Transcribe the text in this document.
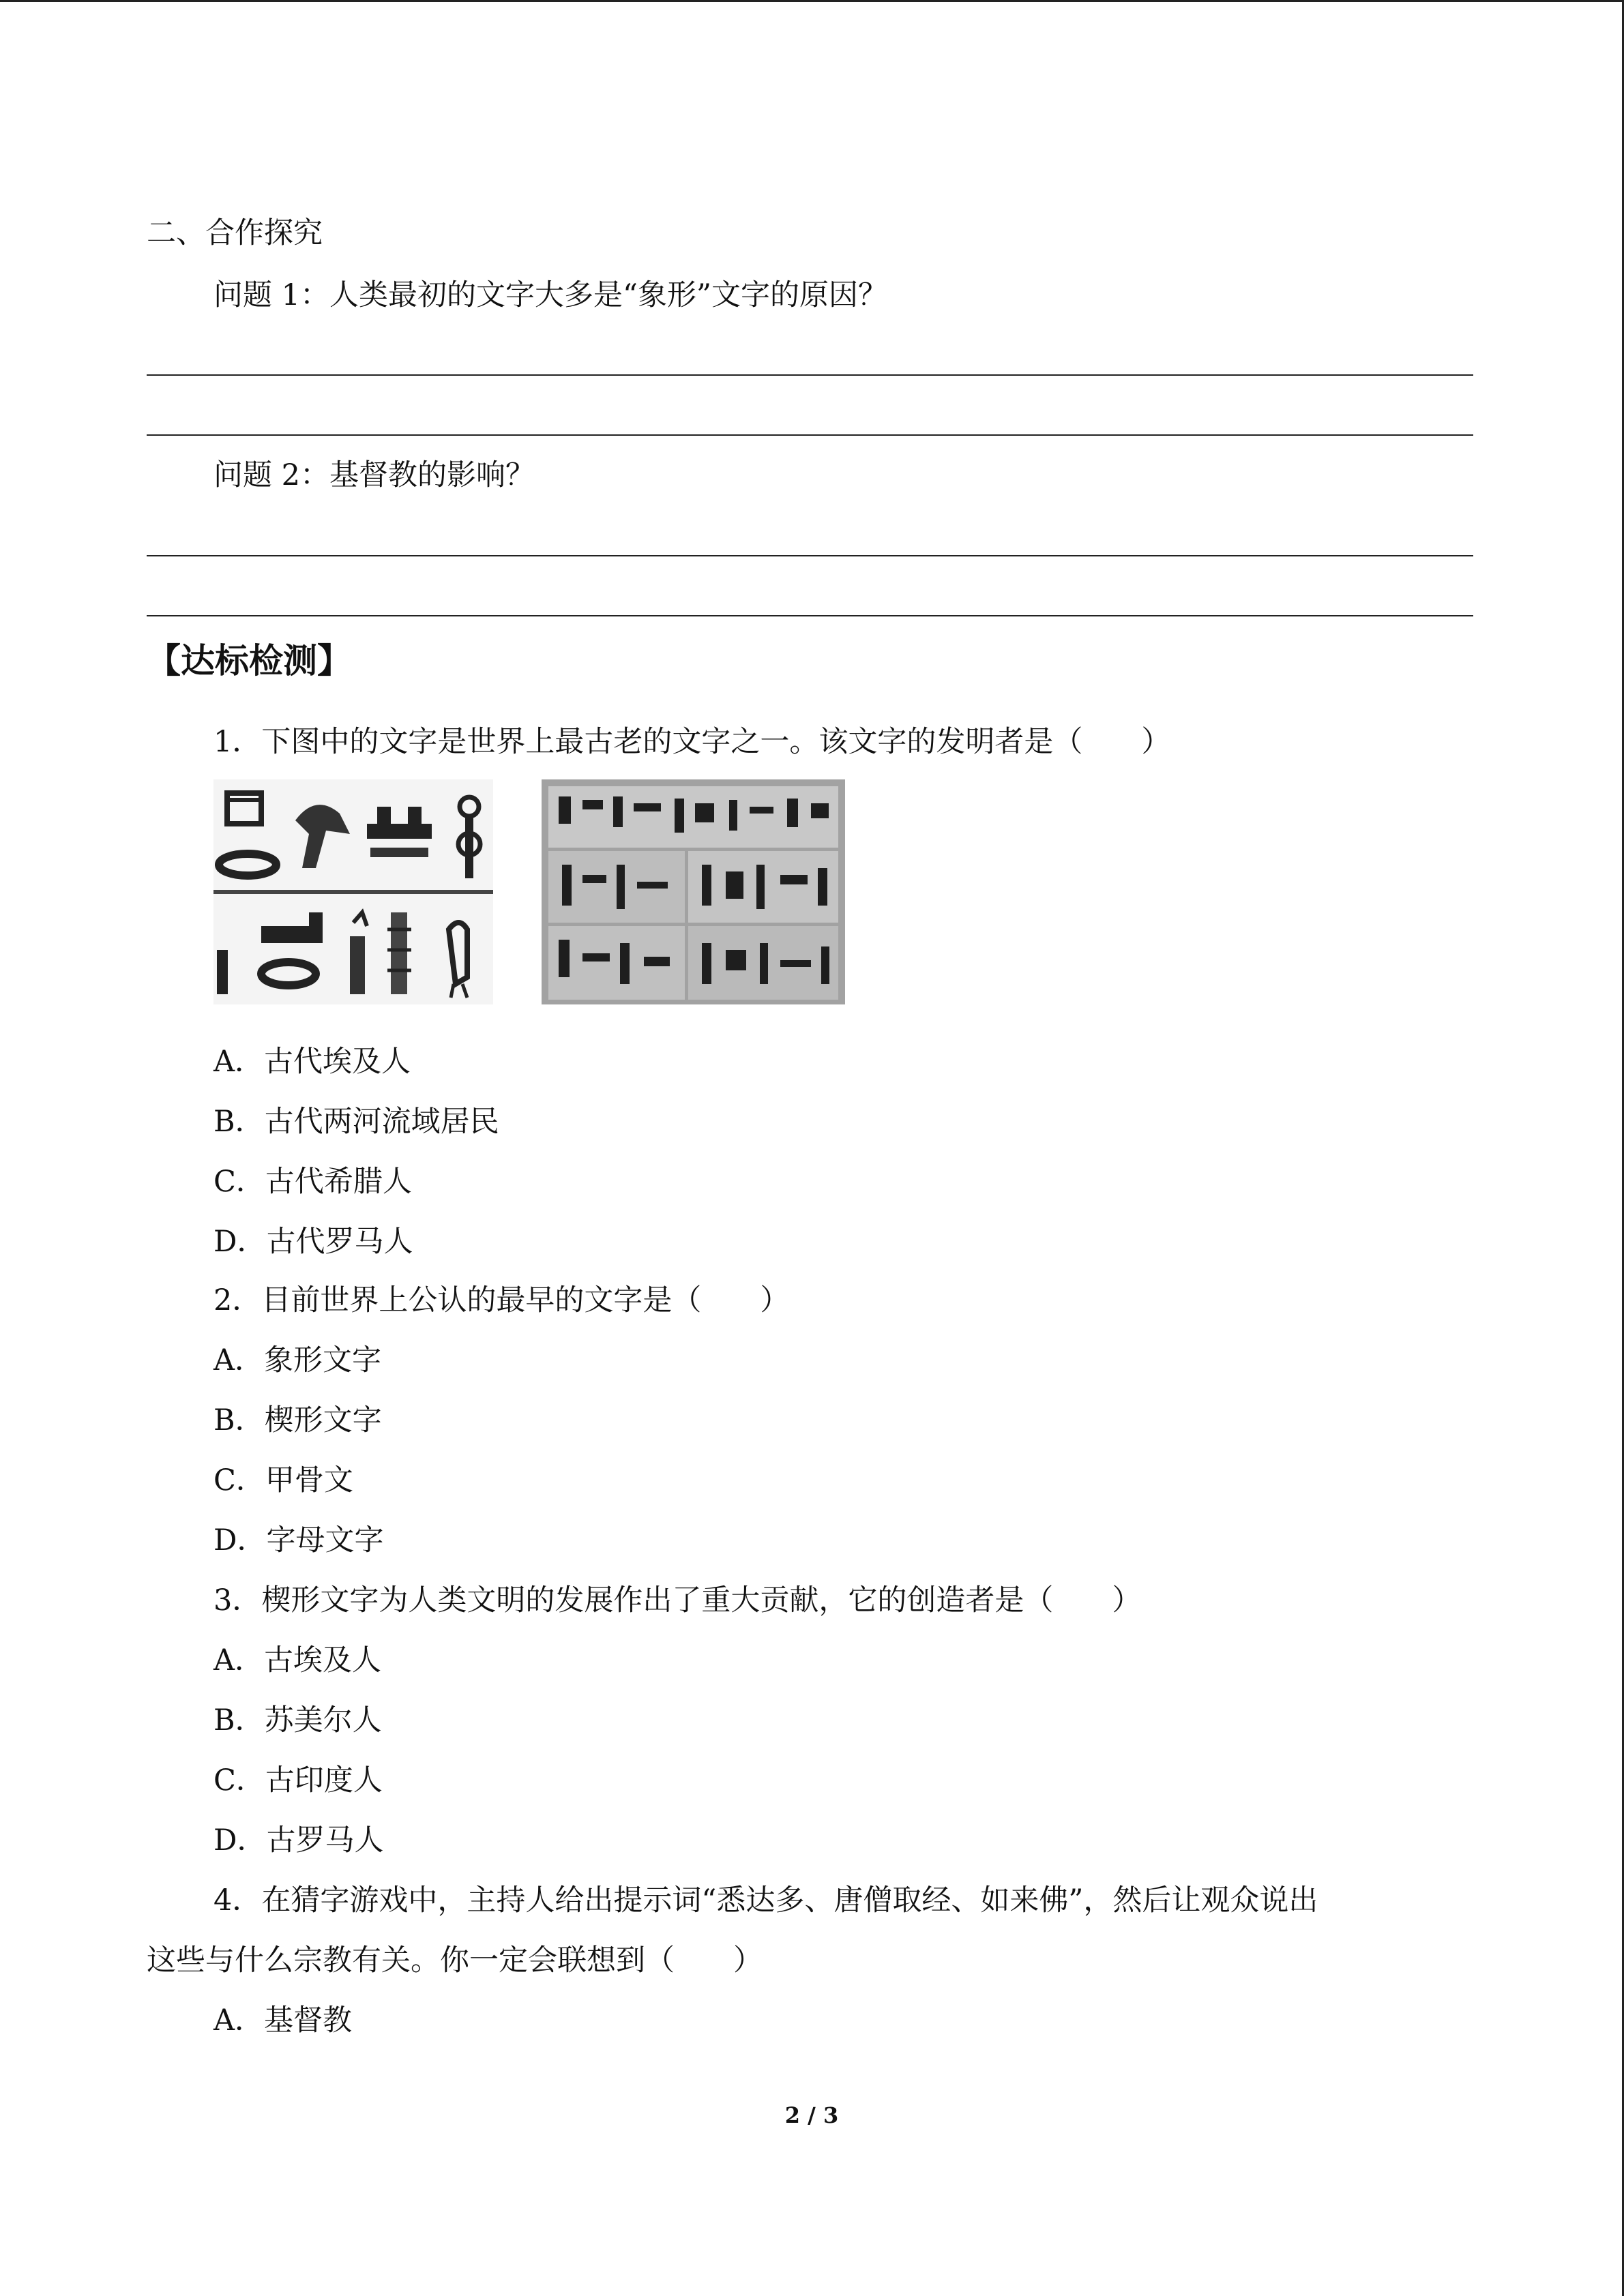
二、合作探究
问题 1：人类最初的文字大多是“象形”文字的原因？
问题 2：基督教的影响？
【达标检测】
1．下图中的文字是世界上最古老的文字之一。该文字的发明者是（　　）
A．古代埃及人
B．古代两河流域居民
C．古代希腊人
D．古代罗马人
2．目前世界上公认的最早的文字是（　　）
A．象形文字
B．楔形文字
C．甲骨文
D．字母文字
3．楔形文字为人类文明的发展作出了重大贡献，它的创造者是（　　）
A．古埃及人
B．苏美尔人
C．古印度人
D．古罗马人
4．在猜字游戏中，主持人给出提示词“悉达多、唐僧取经、如来佛”，然后让观众说出
这些与什么宗教有关。你一定会联想到（　　）
A．基督教
2 / 3
